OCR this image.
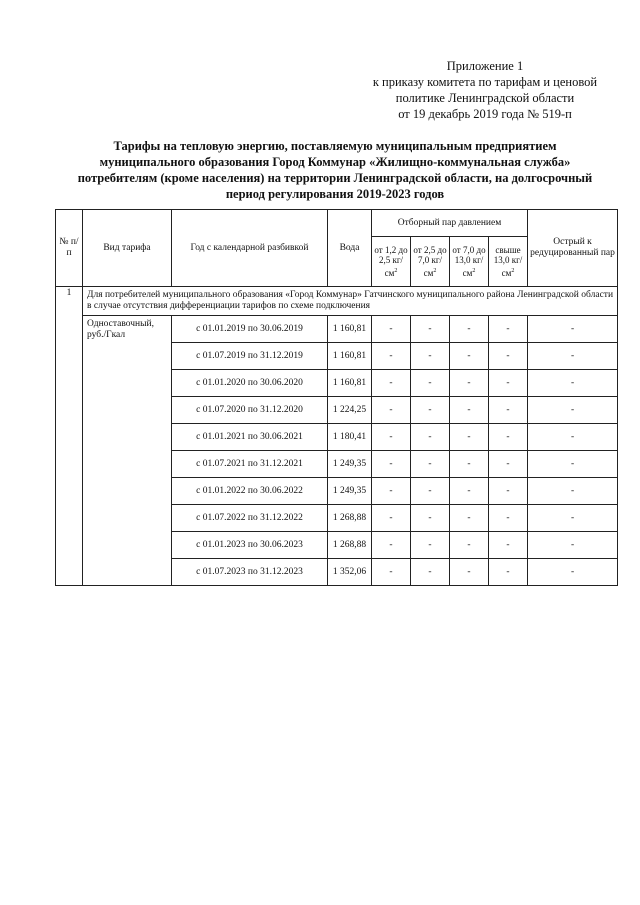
Приложение 1
к приказу комитета по тарифам и ценовой
политике Ленинградской области
от 19 декабрь 2019 года № 519-п
Тарифы на тепловую энергию, поставляемую муниципальным предприятием
муниципального образования Город Коммунар «Жилищно-коммунальная служба»
потребителям (кроме населения) на территории Ленинградской области, на долгосрочный
период регулирования 2019-2023 годов
№ п/п	Вид тарифа	Год с календарной разбивкой	Вода	Отборный пар давлением				Острый к редуцированный пар
				от 1,2 до 2,5 $кг/см^2$	от 2,5 до 7,0 $кг/см^2$	от 7,0 до 13,0 $кг/см^2$	свыше 13,0 $кг/см^2$
1	Для потребителей муниципального образования «Город Коммунар» Гатчинского муниципального района Ленинградской области в случае отсутствия дифференциации тарифов по схеме подключения							
	Одноставочный, руб./Гкал	с 01.01.2019 по 30.06.2019	1 160,81	-	-	-	-	-
		с 01.07.2019 по 31.12.2019	1 160,81	-	-	-	-	-
		с 01.01.2020 по 30.06.2020	1 160,81	-	-	-	-	-
		с 01.07.2020 по 31.12.2020	1 224,25	-	-	-	-	-
		с 01.01.2021 по 30.06.2021	1 180,41	-	-	-	-	-
		с 01.07.2021 по 31.12.2021	1 249,35	-	-	-	-	-
		с 01.01.2022 по 30.06.2022	1 249,35	-	-	-	-	-
		с 01.07.2022 по 31.12.2022	1 268,88	-	-	-	-	-
		с 01.01.2023 по 30.06.2023	1 268,88	-	-	-	-	-
		с 01.07.2023 по 31.12.2023	1 352,06	-	-	-	-	-
